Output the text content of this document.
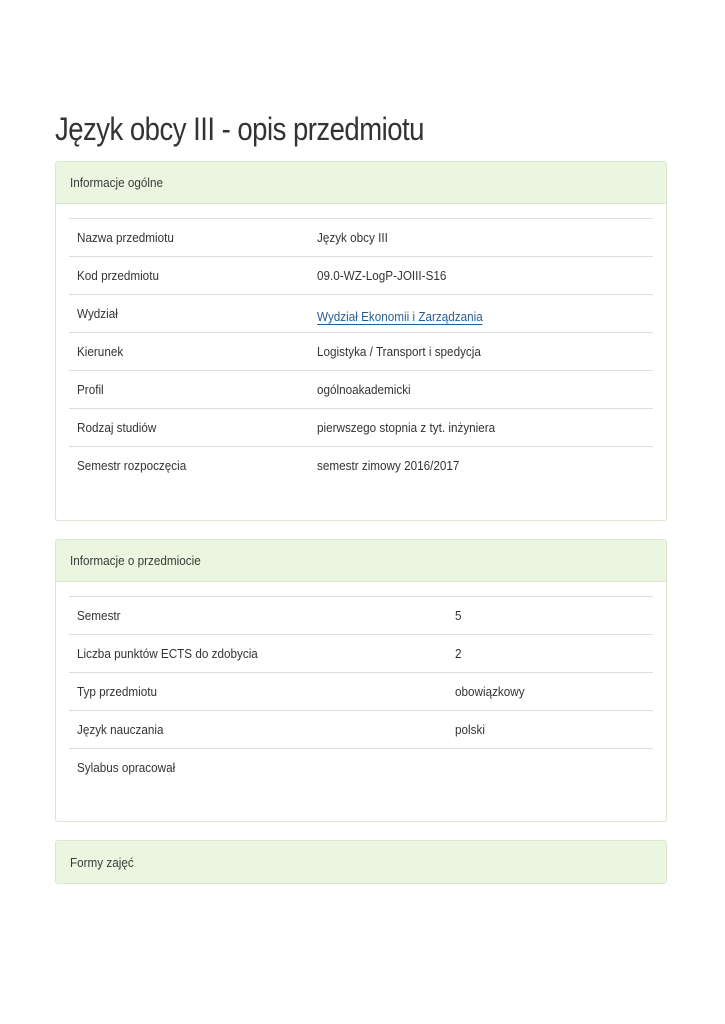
Język obcy III - opis przedmiotu
Informacje ogólne
Nazwa przedmiotu	Język obcy III
Kod przedmiotu	09.0-WZ-LogP-JOIII-S16
Wydział	Wydział Ekonomii i Zarządzania
Kierunek	Logistyka / Transport i spedycja
Profil	ogólnoakademicki
Rodzaj studiów	pierwszego stopnia z tyt. inżyniera
Semestr rozpoczęcia	semestr zimowy 2016/2017
Informacje o przedmiocie
Semestr	5
Liczba punktów ECTS do zdobycia	2
Typ przedmiotu	obowiązkowy
Język nauczania	polski
Sylabus opracował	
Formy zajęć
